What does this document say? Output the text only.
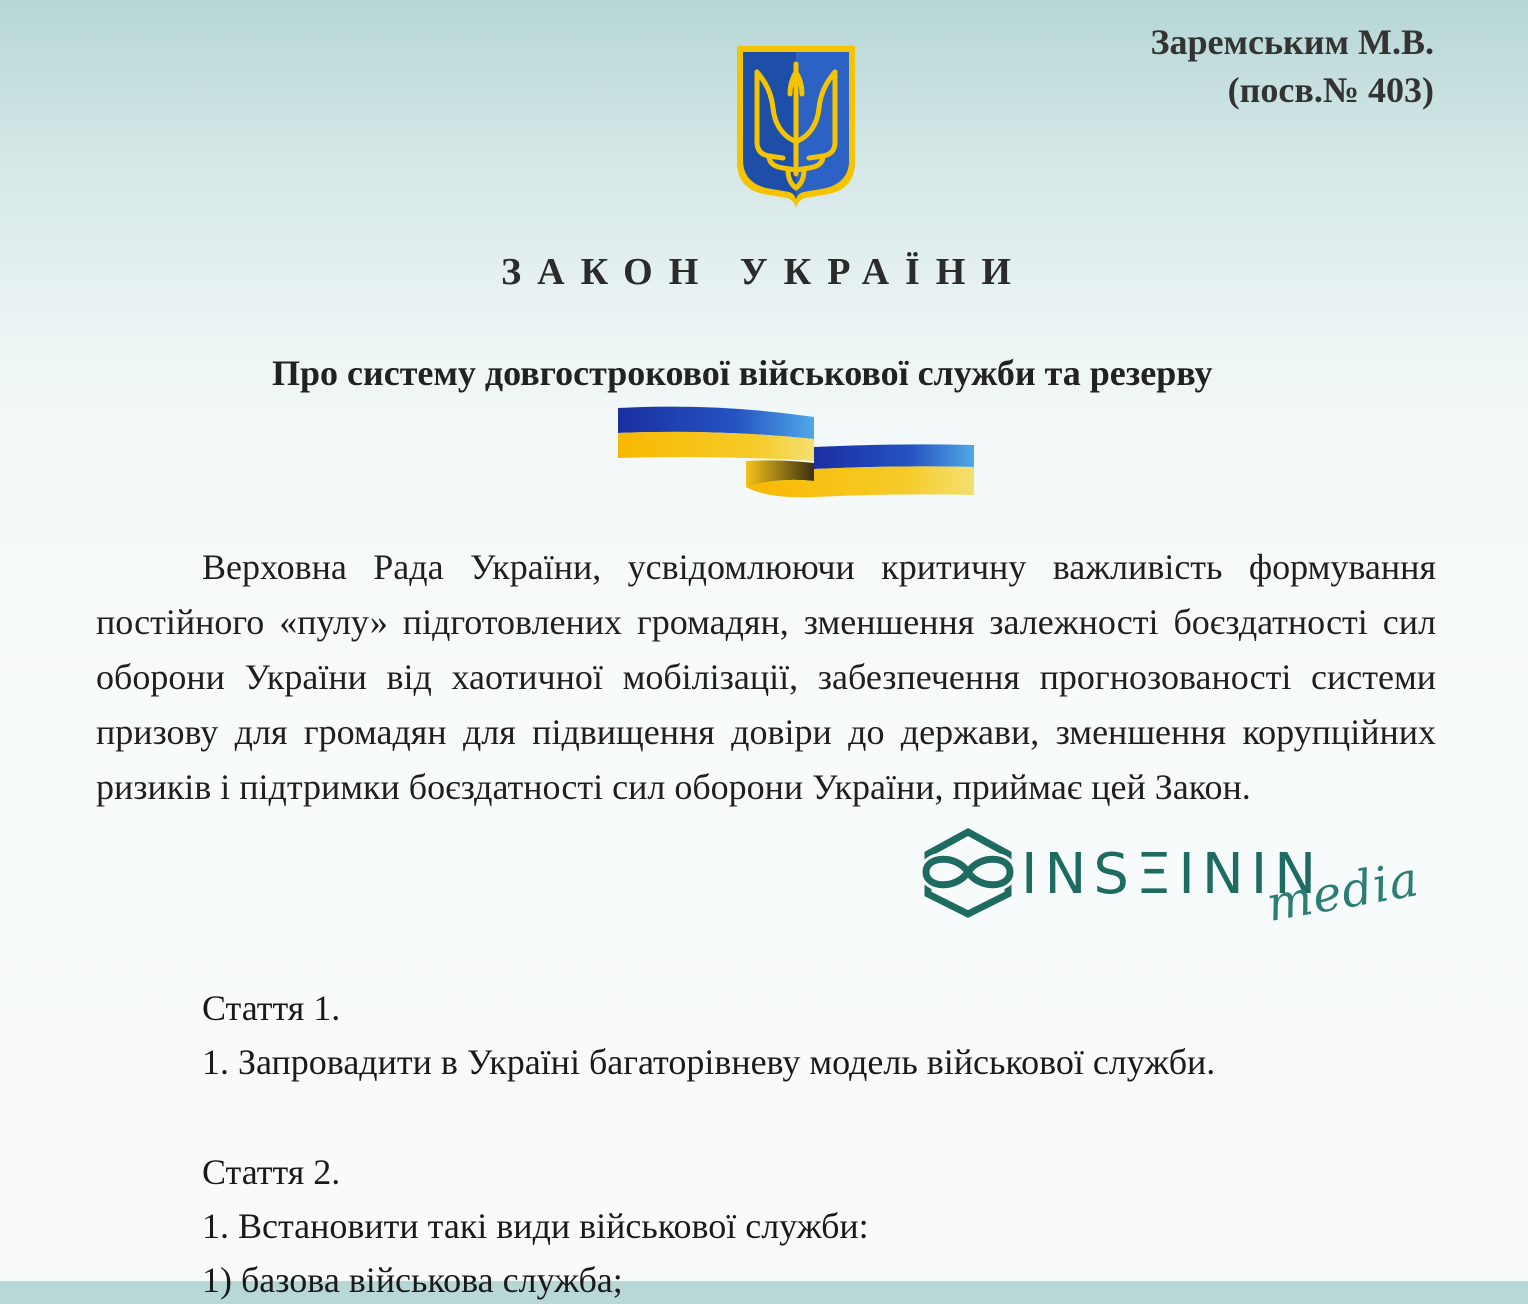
Заремським М.В.
(посв.№ 403)
ЗАКОН УКРАЇНИ
Про систему довгострокової військової служби та резерву
Верховна Рада України, усвідомлюючи критичну важливість формування постійного «пулу» підготовлених громадян, зменшення залежності боєздатності сил оборони України від хаотичної мобілізації, забезпечення прогнозованості системи призову для громадян для підвищення довіри до держави, зменшення корупційних ризиків і підтримки боєздатності сил оборони України, приймає цей Закон.
Стаття 1.
1. Запровадити в Україні багаторівневу модель військової служби.
Стаття 2.
1. Встановити такі види військової служби:
1) базова військова служба;
INSΞININ
media
